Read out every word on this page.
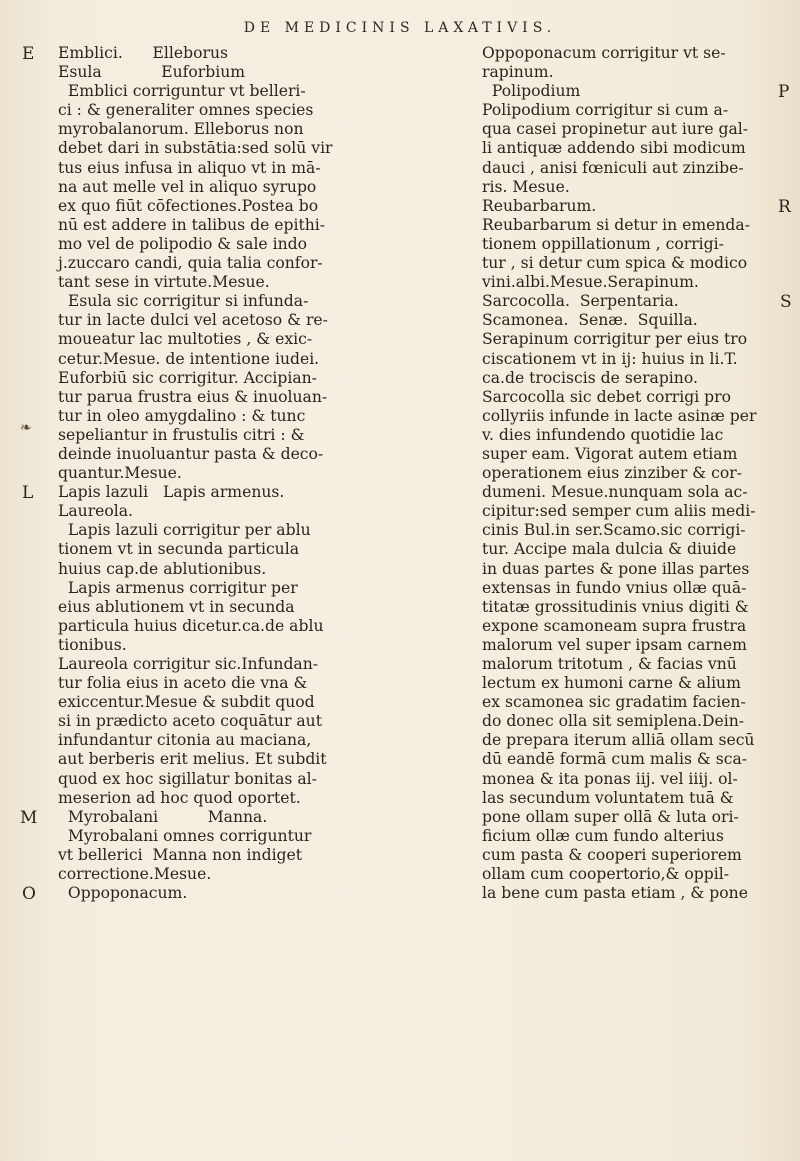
DE MEDICINIS LAXATIVIS.
E
L
M
O
P
R
S
❧
Emblici.      Elleborus
Esula            Euforbium
Emblici corriguntur vt belleri-
ci : & generaliter omnes species
myrobalanorum. Elleborus non
debet dari in substātia:sed solū vir
tus eius infusa in aliquo vt in mā-
na aut melle vel in aliquo syrupo
ex quo fiūt cōfectiones.Postea bo
nū est addere in talibus de epithi-
mo vel de polipodio & sale indo
j.zuccaro candi, quia talia confor-
tant sese in virtute.Mesue.
Esula sic corrigitur si infunda-
tur in lacte dulci vel acetoso & re-
moueatur lac multoties , & exic-
cetur.Mesue. de intentione iudei.
Euforbiū sic corrigitur. Accipian-
tur parua frustra eius & inuoluan-
tur in oleo amygdalino : & tunc
sepeliantur in frustulis citri : &
deinde inuoluantur pasta & deco-
quantur.Mesue.
Lapis lazuli   Lapis armenus.
Laureola.
Lapis lazuli corrigitur per ablu
tionem vt in secunda particula
huius cap.de ablutionibus.
Lapis armenus corrigitur per
eius ablutionem vt in secunda
particula huius dicetur.ca.de ablu
tionibus.
Laureola corrigitur sic.Infundan-
tur folia eius in aceto die vna &
exiccentur.Mesue & subdit quod
si in prædicto aceto coquātur aut
infundantur citonia au maciana,
aut berberis erit melius. Et subdit
quod ex hoc sigillatur bonitas al-
meserion ad hoc quod oportet.
Myrobalani          Manna.
Myrobalani omnes corriguntur
vt bellerici  Manna non indiget
correctione.Mesue.
Oppoponacum.
Oppoponacum corrigitur vt se-
rapinum.
Polipodium
Polipodium corrigitur si cum a-
qua casei propinetur aut iure gal-
li antiquæ addendo sibi modicum
dauci , anisi fœniculi aut zinzibe-
ris. Mesue.
Reubarbarum.
Reubarbarum si detur in emenda-
tionem oppillationum , corrigi-
tur , si detur cum spica & modico
vini.albi.Mesue.Serapinum.
Sarcocolla.  Serpentaria.
Scamonea.  Senæ.  Squilla.
Serapinum corrigitur per eius tro
ciscationem vt in ij: huius in li.T.
ca.de trociscis de serapino.
Sarcocolla sic debet corrigi pro
collyriis infunde in lacte asinæ per
v. dies infundendo quotidie lac
super eam. Vigorat autem etiam
operationem eius zinziber & cor-
dumeni. Mesue.nunquam sola ac-
cipitur:sed semper cum aliis medi-
cinis Bul.in ser.Scamo.sic corrigi-
tur. Accipe mala dulcia & diuide
in duas partes & pone illas partes
extensas in fundo vnius ollæ quā-
titatæ grossitudinis vnius digiti &
expone scamoneam supra frustra
malorum vel super ipsam carnem
malorum tritotum , & facias vnū
lectum ex humoni carne & alium
ex scamonea sic gradatim facien-
do donec olla sit semiplena.Dein-
de prepara iterum alliā ollam secū
dū eandē formā cum malis & sca-
monea & ita ponas iij. vel iiij. ol-
las secundum voluntatem tuā &
pone ollam super ollā & luta ori-
ficium ollæ cum fundo alterius
cum pasta & cooperi superiorem
ollam cum coopertorio,& oppil-
la bene cum pasta etiam , & pone
